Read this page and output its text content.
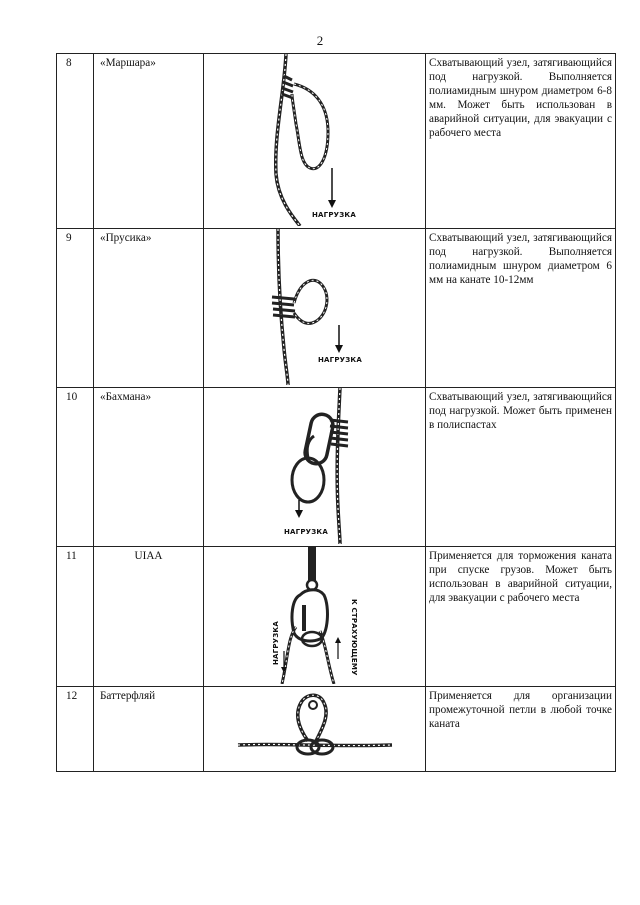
2
8	«Маршара»	НАГРУЗКА	Схватывающий узел, затягивающийся под нагрузкой. Выполняется полиамидным шнуром диаметром 6-8 мм. Может быть использован в аварийной ситуации, для эвакуации с рабочего места
9	«Прусика»	НАГРУЗКА	Схватывающий узел, затягивающийся под нагрузкой. Выполняется полиамидным шнуром диаметром 6 мм на канате 10-12мм
10	«Бахмана»	НАГРУЗКА	Схватывающий узел, затягивающийся под нагрузкой. Может быть применен в полиспастах
11	UIAA	НАГРУЗКА К СТРАХУЮЩЕМУ	Применяется для торможения каната при спуске грузов. Может быть использован в аварийной ситуации, для эвакуации с рабочего места
12	Баттерфляй		Применяется для организации промежуточной петли в любой точке каната
